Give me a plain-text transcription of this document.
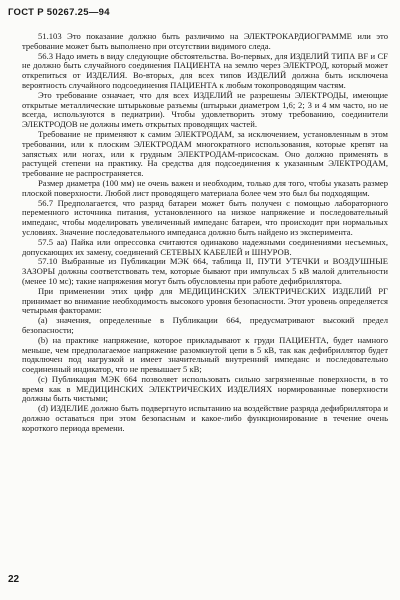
ГОСТ Р 50267.25—94

51.103 Это показание должно быть различимо на ЭЛЕКТРОКАРДИОГРАММЕ или это требование может быть выполнено при отсутствии видимого следа.

56.3 Надо иметь в виду следующие обстоятельства. Во-первых, для ИЗДЕЛИЙ ТИПА BF и CF не должно быть случайного соединения ПАЦИЕНТА на землю через ЭЛЕКТРОД, который может открепиться от ИЗДЕЛИЯ. Во-вторых, для всех типов ИЗДЕЛИЙ должна быть исключена вероятность случайного подсоединения ПАЦИЕНТА к любым токопроводящим частям.

Это требование означает, что для всех ИЗДЕЛИЙ не разрешены ЭЛЕКТРОДЫ, имеющие открытые металлические штырьковые разъемы (штырьки диаметром 1,6; 2; 3 и 4 мм часто, но не всегда, используются в педиатрии). Чтобы удовлетворить этому требованию, соединители ЭЛЕКТРОДОВ не должны иметь открытых проводящих частей.

Требование не применяют к самим ЭЛЕКТРОДАМ, за исключением, установленным в этом требовании, или к плоским ЭЛЕКТРОДАМ многократного использования, которые крепят на запястьях или ногах, или к грудным ЭЛЕКТРОДАМ-присоскам. Оно должно применять в растущей степени на практику. На средства для подсоединения к указанным ЭЛЕКТРОДАМ, требование не распространяется.

Размер диаметра (100 мм) не очень важен и необходим, только для того, чтобы указать размер плоской поверхности. Любой лист проводящего материала более чем это был бы подходящим.

56.7 Предполагается, что разряд батареи может быть получен с помощью лабораторного переменного источника питания, установленного на низкое напряжение и последовательный импеданс, чтобы моделировать увеличенный импеданс батареи, что происходит при нормальных условиях. Значение последовательного импеданса должно быть найдено из эксперимента.

57.5 aa) Пайка или опрессовка считаются одинаково надежными соединениями несъемных, допускающих их замену, соединений СЕТЕВЫХ КАБЕЛЕЙ и ШНУРОВ.

57.10 Выбранные из Публикации МЭК 664, таблица II, ПУТИ УТЕЧКИ и ВОЗДУШНЫЕ ЗАЗОРЫ должны соответствовать тем, которые бывают при импульсах 5 кВ малой длительности (менее 10 мс); такие напряжения могут быть обусловлены при работе дефибриллятора.

При применении этих цифр для МЕДИЦИНСКИХ ЭЛЕКТРИЧЕСКИХ ИЗДЕЛИЙ РГ принимает во внимание необходимость высокого уровня безопасности. Этот уровень определяется четырьмя факторами:

(a) значения, определенные в Публикации 664, предусматривают высокий предел безопасности;

(b) на практике напряжение, которое прикладывают к груди ПАЦИЕНТА, будет намного меньше, чем предполагаемое напряжение разомкнутой цепи в 5 кВ, так как дефибриллятор будет подключен под нагрузкой и имеет значительный внутренний импеданс и последовательно соединенный индикатор, что не превышает 5 кВ;

(c) Публикация МЭК 664 позволяет использовать сильно загрязненные поверхности, в то время как в МЕДИЦИНСКИХ ЭЛЕКТРИЧЕСКИХ ИЗДЕЛИЯХ нормированные поверхности должны быть чистыми;

(d) ИЗДЕЛИЕ должно быть подвергнуто испытанию на воздействие разряда дефибриллятора и должно оставаться при этом безопасным и какое-либо функционирование в течение очень короткого периода времени.

22
